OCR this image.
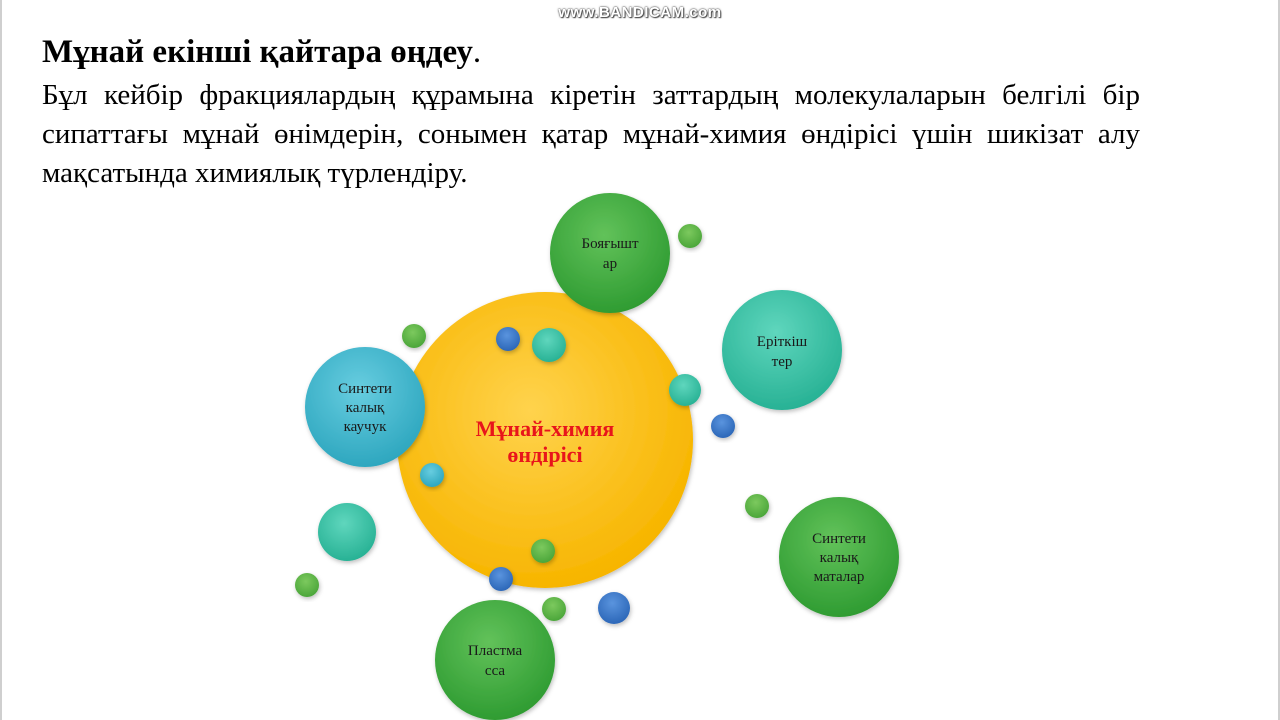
www.BANDICAM.com
Мұнай екінші қайтара өңдеу.
Бұл кейбір фракциялардың құрамына кіретін заттардың молекулаларын белгілі бір сипаттағы мұнай өнімдерін, сонымен қатар мұнай-химия өндірісі үшін шикізат алу мақсатында химиялық түрлендіру.
Мұнай-химия
өндірісі
Бояғышт
ар
Еріткіш
тер
Синтети
калық
каучук
Синтети
калық
маталар
Пластма
сса
